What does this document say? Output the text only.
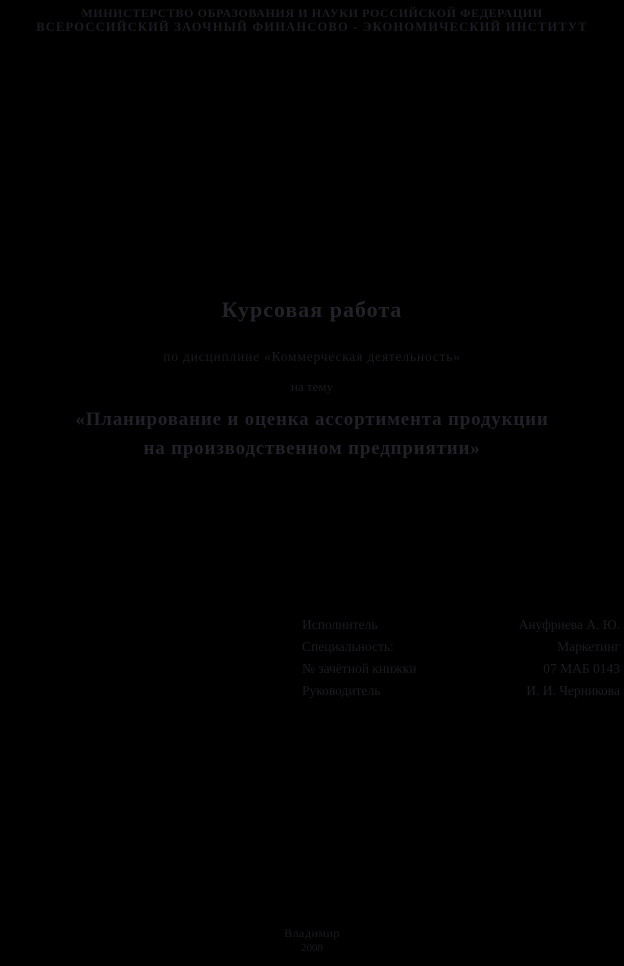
МИНИСТЕРСТВО ОБРАЗОВАНИЯ И НАУКИ РОССИЙСКОЙ ФЕДЕРАЦИИ
ВСЕРОССИЙСКИЙ ЗАОЧНЫЙ ФИНАНСОВО - ЭКОНОМИЧЕСКИЙ ИНСТИТУТ
Курсовая работа
по дисциплине «Коммерческая деятельность»
на тему
«Планирование и оценка ассортимента продукции
на производственном предприятии»
Исполнитель	Ануфриева А. Ю.
Специальность:	Маркетинг
№ зачётной книжки	07 МАБ 0143
Руководитель	И. И. Черникова
Владимир
2008
